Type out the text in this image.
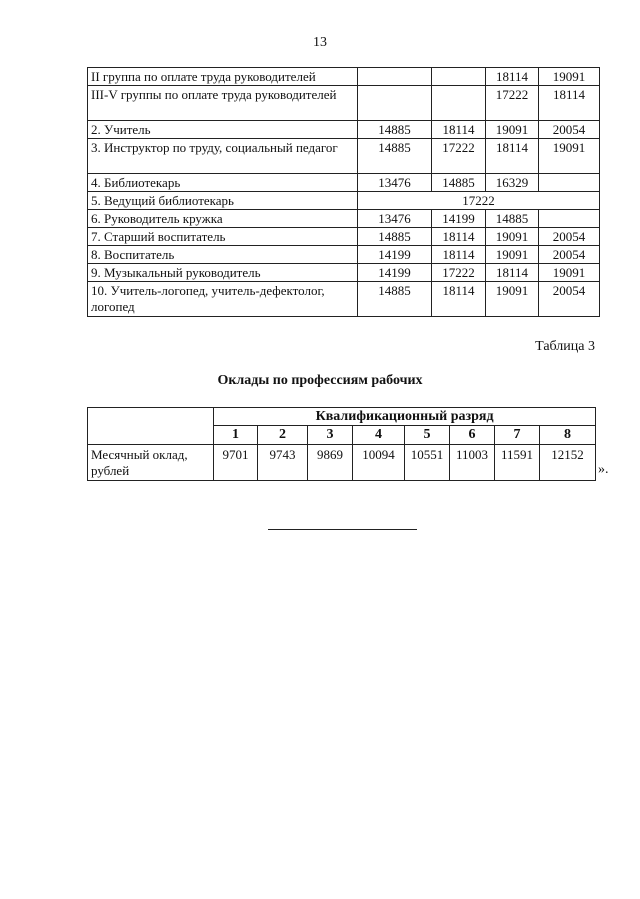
13
II группа по оплате труда руководителей			18114	19091
III-V группы по оплате труда руководителей			17222	18114
2. Учитель	14885	18114	19091	20054
3. Инструктор по труду, социальный педагог	14885	17222	18114	19091
4. Библиотекарь	13476	14885	16329	
5. Ведущий библиотекарь	17222			
6. Руководитель кружка	13476	14199	14885	
7. Старший воспитатель	14885	18114	19091	20054
8. Воспитатель	14199	18114	19091	20054
9. Музыкальный руководитель	14199	17222	18114	19091
10. Учитель-логопед, учитель-дефектолог, логопед	14885	18114	19091	20054
Таблица 3
Оклады по профессиям рабочих
	Квалификационный разряд							
	1	2	3	4	5	6	7	8
Месячный оклад, рублей	9701	9743	9869	10094	10551	11003	11591	12152
».
